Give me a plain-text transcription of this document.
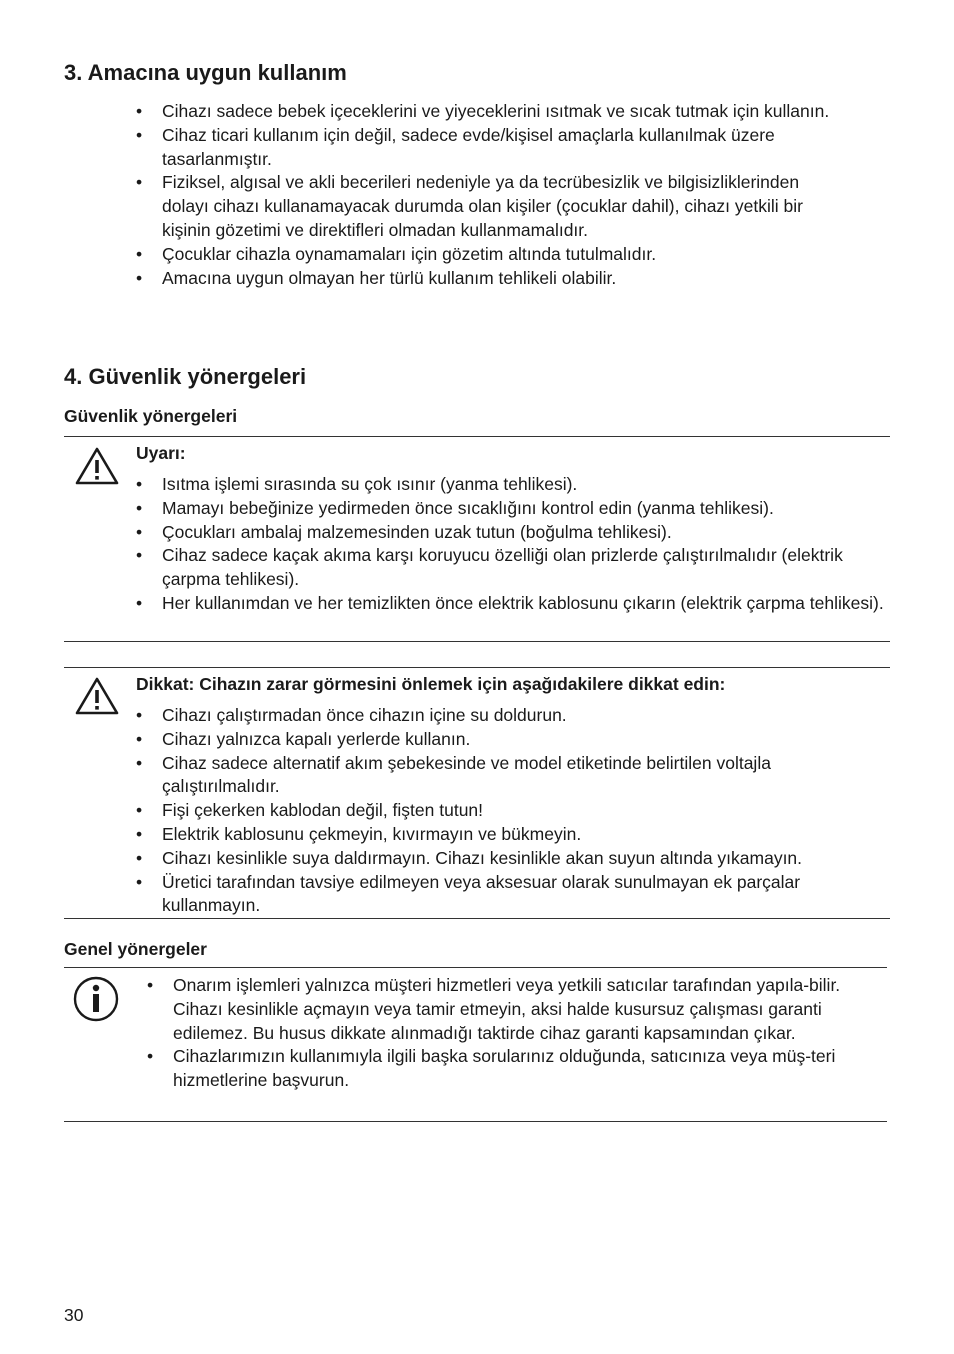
3. Amacına uygun kullanım
• Cihazı sadece bebek içeceklerini ve yiyeceklerini ısıtmak ve sıcak tutmak için kullanın.
• Cihaz ticari kullanım için değil, sadece evde/kişisel amaçlarla kullanılmak üzere tasarlanmıştır.
• Fiziksel, algısal ve akli becerileri nedeniyle ya da tecrübesizlik ve bilgisizliklerinden dolayı cihazı kullanamayacak durumda olan kişiler (çocuklar dahil), cihazı yetkili bir kişinin gözetimi ve direktifleri olmadan kullanmamalıdır.
• Çocuklar cihazla oynamamaları için gözetim altında tutulmalıdır.
• Amacına uygun olmayan her türlü kullanım tehlikeli olabilir.
4. Güvenlik yönergeleri
Güvenlik yönergeleri
Uyarı:
• Isıtma işlemi sırasında su çok ısınır (yanma tehlikesi).
• Mamayı bebeğinize yedirmeden önce sıcaklığını kontrol edin (yanma tehlikesi).
• Çocukları ambalaj malzemesinden uzak tutun (boğulma tehlikesi).
• Cihaz sadece kaçak akıma karşı koruyucu özelliği olan prizlerde çalıştırılmalıdır (elektrik çarpma tehlikesi).
• Her kullanımdan ve her temizlikten önce elektrik kablosunu çıkarın (elektrik çarpma tehlikesi).
Dikkat: Cihazın zarar görmesini önlemek için aşağıdakilere dikkat edin:
• Cihazı çalıştırmadan önce cihazın içine su doldurun.
• Cihazı yalnızca kapalı yerlerde kullanın.
• Cihaz sadece alternatif akım şebekesinde ve model etiketinde belirtilen voltajla çalıştırılmalıdır.
• Fişi çekerken kablodan değil, fişten tutun!
• Elektrik kablosunu çekmeyin, kıvırmayın ve bükmeyin.
• Cihazı kesinlikle suya daldırmayın. Cihazı kesinlikle akan suyun altında yıkamayın.
• Üretici tarafından tavsiye edilmeyen veya aksesuar olarak sunulmayan ek parçalar kullanmayın.
Genel yönergeler
• Onarım işlemleri yalnızca müşteri hizmetleri veya yetkili satıcılar tarafından yapıla-bilir. Cihazı kesinlikle açmayın veya tamir etmeyin, aksi halde kusursuz çalışması garanti edilemez. Bu husus dikkate alınmadığı taktirde cihaz garanti kapsamından çıkar.
• Cihazlarımızın kullanımıyla ilgili başka sorularınız olduğunda, satıcınıza veya müş-teri hizmetlerine başvurun.
30
